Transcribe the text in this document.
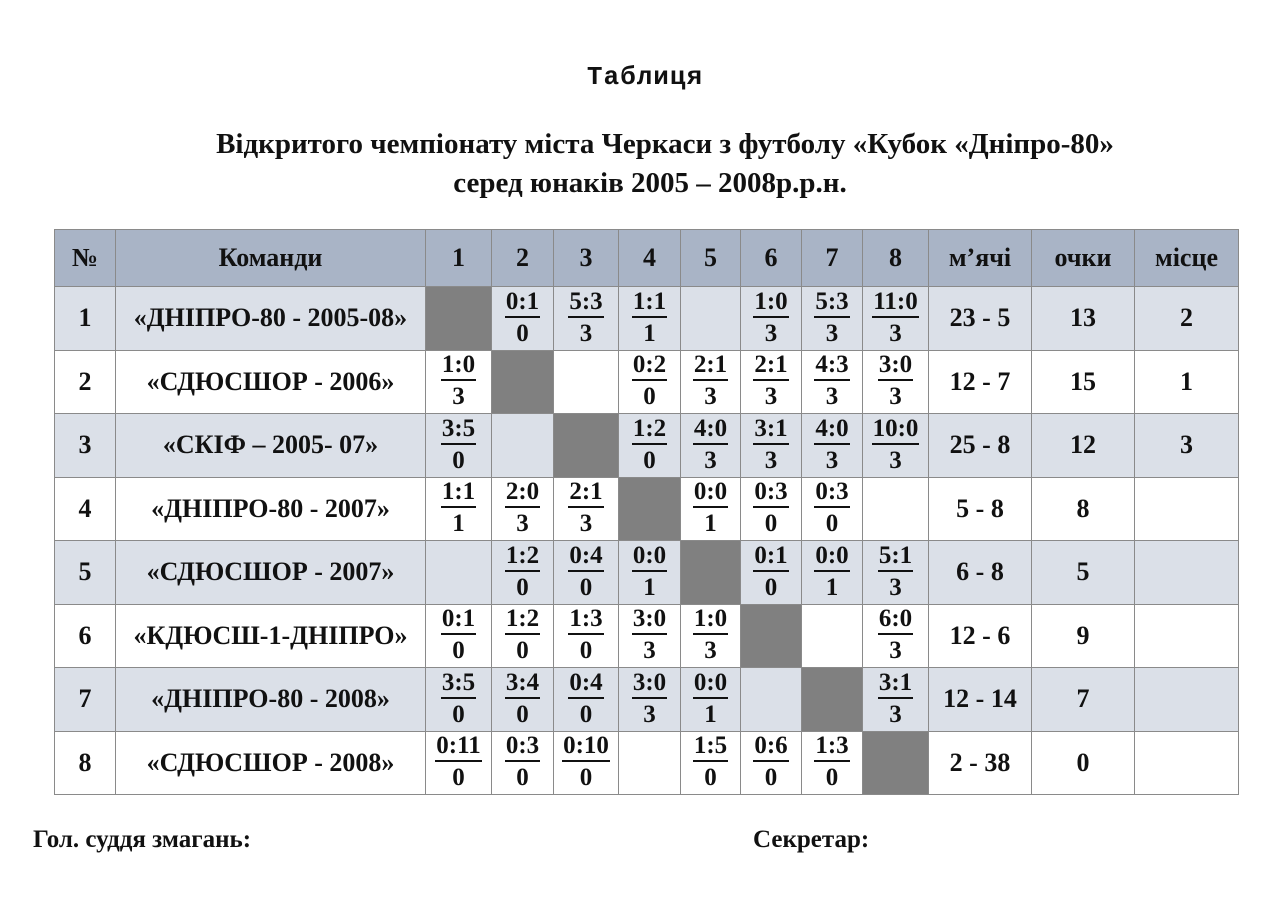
Таблиця
Відкритого чемпіонату міста Черкаси з футболу «Кубок «Дніпро-80»
серед юнаків 2005 – 2008р.р.н.
№	Команди	1	2	3	4	5	6	7	8	м’ячі	очки	місце
1	«ДНІПРО-80 - 2005-08»		$\frac{0:1}{0}$	$\frac{5:3}{3}$	$\frac{1:1}{1}$		$\frac{1:0}{3}$	$\frac{5:3}{3}$	$\frac{11:0}{3}$	23 - 5	13	2
2	«СДЮСШОР - 2006»	$\frac{1:0}{3}$			$\frac{0:2}{0}$	$\frac{2:1}{3}$	$\frac{2:1}{3}$	$\frac{4:3}{3}$	$\frac{3:0}{3}$	12 - 7	15	1
3	«СКІФ – 2005- 07»	$\frac{3:5}{0}$			$\frac{1:2}{0}$	$\frac{4:0}{3}$	$\frac{3:1}{3}$	$\frac{4:0}{3}$	$\frac{10:0}{3}$	25 - 8	12	3
4	«ДНІПРО-80 - 2007»	$\frac{1:1}{1}$	$\frac{2:0}{3}$	$\frac{2:1}{3}$		$\frac{0:0}{1}$	$\frac{0:3}{0}$	$\frac{0:3}{0}$		5 - 8	8	
5	«СДЮСШОР - 2007»		$\frac{1:2}{0}$	$\frac{0:4}{0}$	$\frac{0:0}{1}$		$\frac{0:1}{0}$	$\frac{0:0}{1}$	$\frac{5:1}{3}$	6 - 8	5	
6	«КДЮСШ-1-ДНІПРО»	$\frac{0:1}{0}$	$\frac{1:2}{0}$	$\frac{1:3}{0}$	$\frac{3:0}{3}$	$\frac{1:0}{3}$			$\frac{6:0}{3}$	12 - 6	9	
7	«ДНІПРО-80 - 2008»	$\frac{3:5}{0}$	$\frac{3:4}{0}$	$\frac{0:4}{0}$	$\frac{3:0}{3}$	$\frac{0:0}{1}$			$\frac{3:1}{3}$	12 - 14	7	
8	«СДЮСШОР - 2008»	$\frac{0:11}{0}$	$\frac{0:3}{0}$	$\frac{0:10}{0}$		$\frac{1:5}{0}$	$\frac{0:6}{0}$	$\frac{1:3}{0}$		2 - 38	0	
Гол. суддя змагань:	Секретар:
